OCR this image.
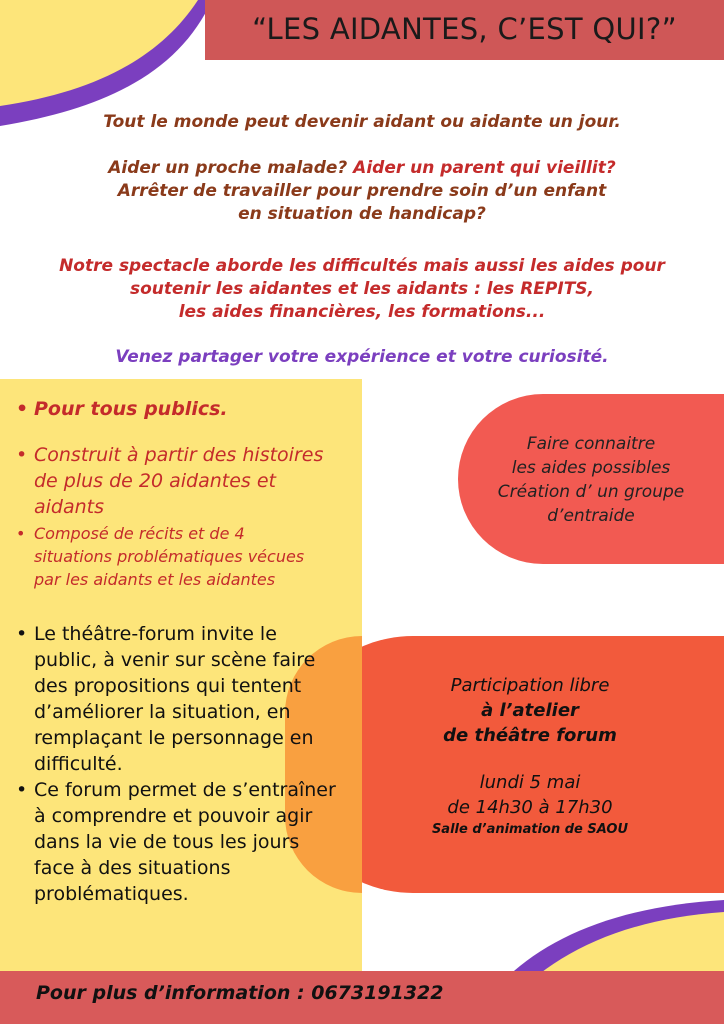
“LES AIDANTES, C’EST QUI?”
Tout le monde peut devenir aidant ou aidante un jour.
Aider un proche malade? Aider un parent qui vieillit?
Arrêter de travailler pour prendre soin d’un enfant
en situation de handicap?
Notre spectacle aborde les difficultés mais aussi les aides pour
soutenir les aidantes et les aidants : les REPITS,
les aides financières, les formations...
Venez partager votre expérience et votre curiosité.
• Pour tous publics.
• Construit à partir des histoires de plus de 20 aidantes et aidants
• Composé de récits et de 4 situations problématiques vécues par les aidants et les aidantes
• Le théâtre-forum invite le public, à venir sur scène faire des propositions qui tentent d’améliorer la situation, en remplaçant le personnage en difficulté.
• Ce forum permet de s’entraîner à comprendre et pouvoir agir dans la vie de tous les jours face à des situations problématiques.
Faire connaitre
les aides possibles
Création d’ un groupe
d’entraide
Participation libre
à l’atelier
de théâtre forum
lundi 5 mai
de 14h30 à 17h30
Salle d’animation de SAOU
Pour plus d’information : 0673191322
